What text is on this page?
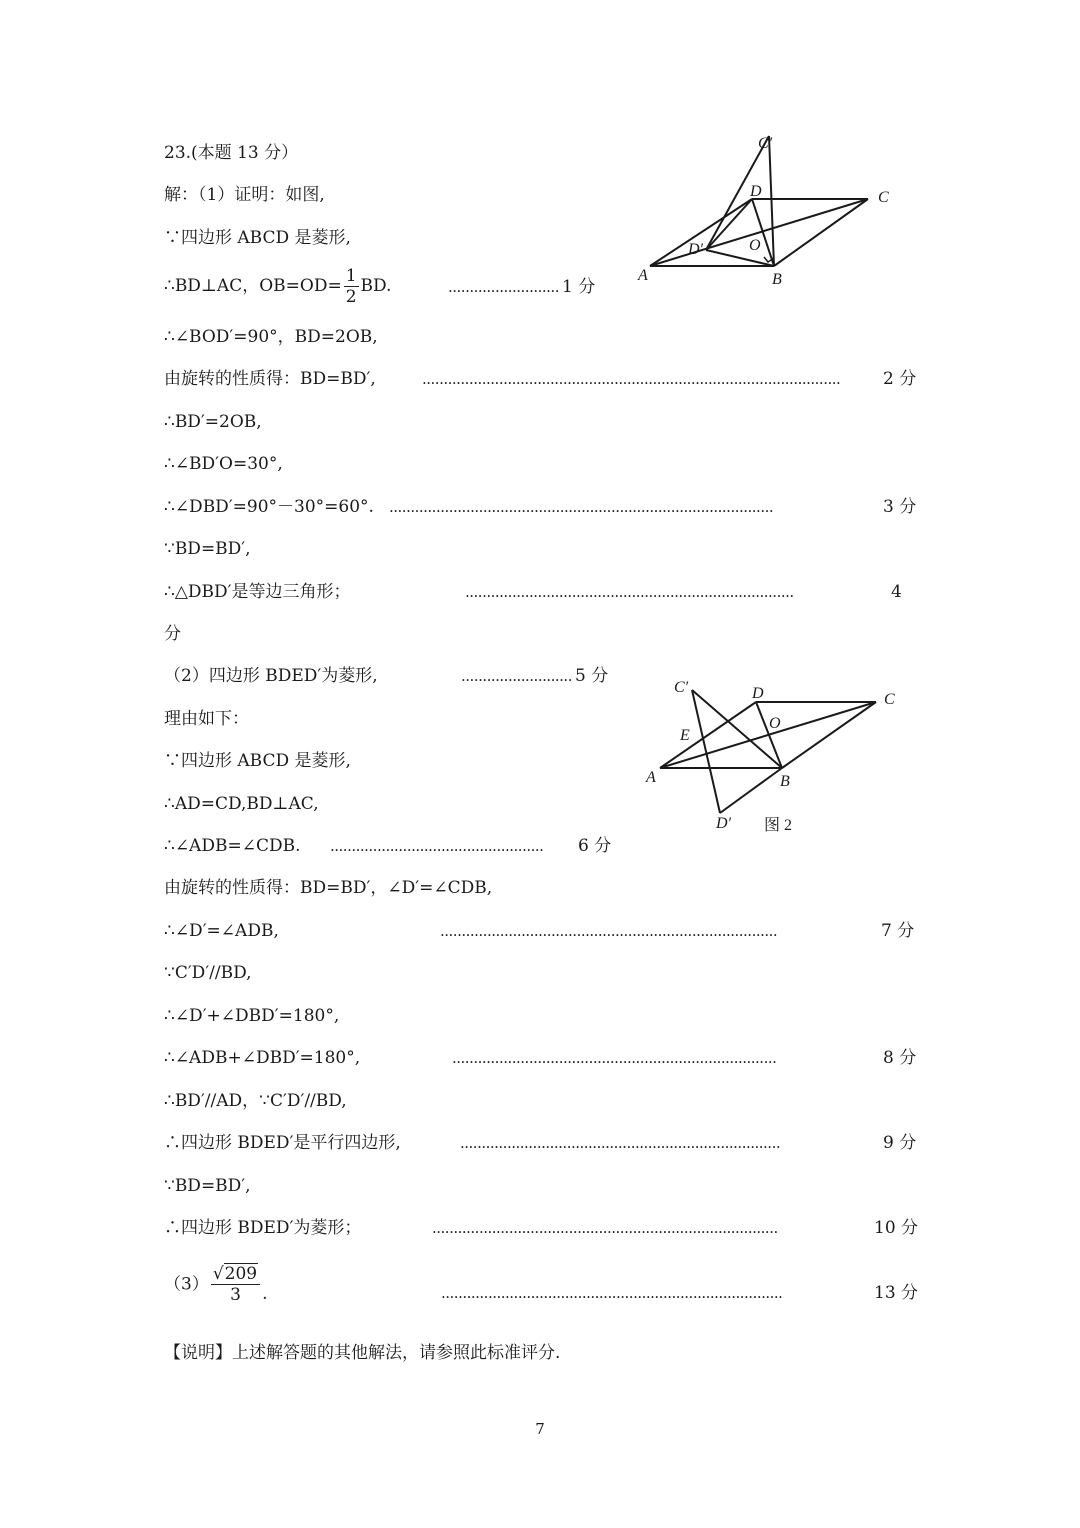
23.(本题 13 分）
解：（1）证明：如图,
∵四边形 ABCD 是菱形,
∴BD⊥AC，$OB=OD= \frac{1}{2}$ BD.	.......................... 1 分
∴∠BOD′=90°，BD=2OB,
由旋转的性质得：BD=BD′,	..................................................................................................	2 分
∴BD′=2OB,
∴∠BD′O=30°,
∴∠DBD′=90°－30°=60°. ..........................................................................................	3 分
∵BD=BD′,
∴△DBD′是等边三角形；	.............................................................................	4
分
（2）四边形 BDED′为菱形,	.......................... 5 分
理由如下：
∵四边形 ABCD 是菱形,
∴AD=CD,BD⊥AC,
∴∠ADB=∠CDB. .................................................. 6 分
由旋转的性质得：BD=BD′，∠D′=∠CDB,
∴∠D′=∠ADB,	...............................................................................	7 分
∵C′D′//BD,
∴∠D′+∠DBD′=180°,
∴∠ADB+∠DBD′=180°,	............................................................................	8 分
∴BD′//AD，∵C′D′//BD,
∴四边形 BDED′是平行四边形,	...........................................................................	9 分
∵BD=BD′,
∴四边形 BDED′为菱形；	.................................................................................	10 分
$(3) \frac{√209}{3}$ .	................................................................................	13 分
【说明】上述解答题的其他解法，请参照此标准评分.
7
C′
D	C
D′	O
A	B
C′	D	C
O
E
A	B
D′ 图 2
